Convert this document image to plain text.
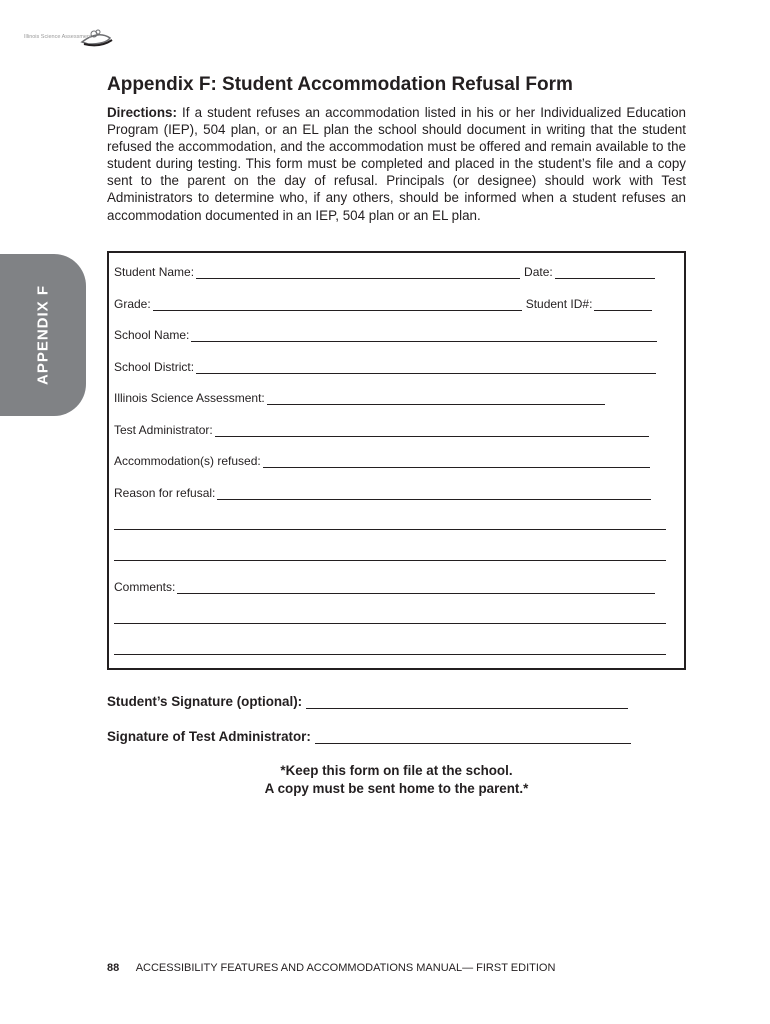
Illinois Science Assessment
APPENDIX F
Appendix F: Student Accommodation Refusal Form
Directions: If a student refuses an accommodation listed in his or her Individualized Education Program (IEP), 504 plan, or an EL plan the school should document in writing that the student refused the accommodation, and the accommodation must be offered and remain available to the student during testing. This form must be completed and placed in the student’s file and a copy sent to the parent on the day of refusal. Principals (or designee) should work with Test Administrators to determine who, if any others, should be informed when a student refuses an accommodation documented in an IEP, 504 plan or an EL plan.
Student Name:	Date:
Grade:	Student ID#:
School Name:
School District:
Illinois Science Assessment:
Test Administrator:
Accommodation(s) refused:
Reason for refusal:
Comments:
Student’s Signature (optional):
Signature of Test Administrator:
*Keep this form on file at the school.
A copy must be sent home to the parent.*
88 ACCESSIBILITY FEATURES AND ACCOMMODATIONS MANUAL— FIRST EDITION
